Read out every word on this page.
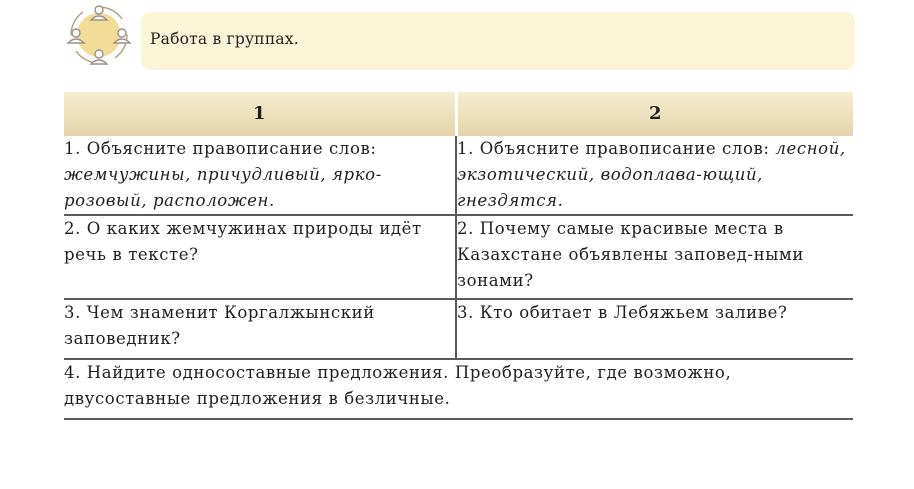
Работа в группах.
1	2
1. Объясните правописание слов: жемчужины, причудливый, ярко-розовый, расположен.	1. Объясните правописание слов: лесной, экзотический, водоплава-ющий, гнездятся.
2. О каких жемчужинах природы идёт речь в тексте?	2. Почему самые красивые места в Казахстане объявлены заповед-ными зонами?
3. Чем знаменит Коргалжынский заповедник?	3. Кто обитает в Лебяжьем заливе?
4. Найдите односоставные предложения. Преобразуйте, где возможно, двусоставные предложения в безличные.	
